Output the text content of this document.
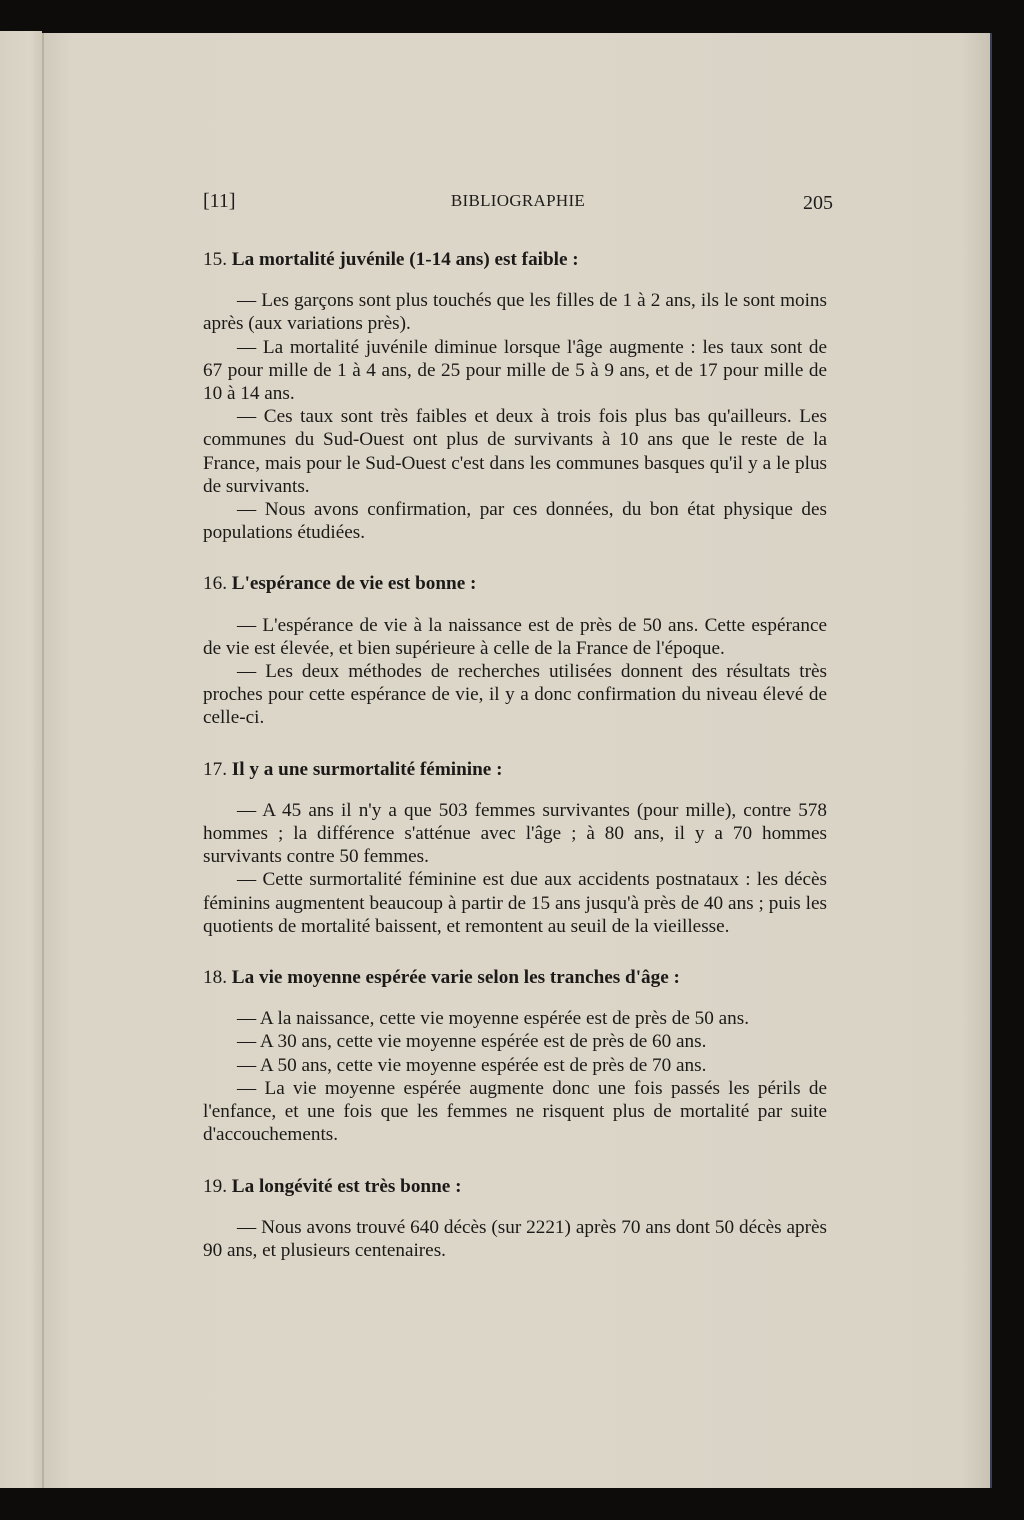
[11]	BIBLIOGRAPHIE	205

15. La mortalité juvénile (1-14 ans) est faible :

— Les garçons sont plus touchés que les filles de 1 à 2 ans, ils le sont moins après (aux variations près).

— La mortalité juvénile diminue lorsque l'âge augmente : les taux sont de 67 pour mille de 1 à 4 ans, de 25 pour mille de 5 à 9 ans, et de 17 pour mille de 10 à 14 ans.

— Ces taux sont très faibles et deux à trois fois plus bas qu'ailleurs. Les communes du Sud-Ouest ont plus de survivants à 10 ans que le reste de la France, mais pour le Sud-Ouest c'est dans les communes basques qu'il y a le plus de survivants.

— Nous avons confirmation, par ces données, du bon état physique des populations étudiées.

16. L'espérance de vie est bonne :

— L'espérance de vie à la naissance est de près de 50 ans. Cette espérance de vie est élevée, et bien supérieure à celle de la France de l'époque.

— Les deux méthodes de recherches utilisées donnent des résultats très proches pour cette espérance de vie, il y a donc confirmation du niveau élevé de celle-ci.

17. Il y a une surmortalité féminine :

— A 45 ans il n'y a que 503 femmes survivantes (pour mille), contre 578 hommes ; la différence s'atténue avec l'âge ; à 80 ans, il y a 70 hommes survivants contre 50 femmes.

— Cette surmortalité féminine est due aux accidents postnataux : les décès féminins augmentent beaucoup à partir de 15 ans jusqu'à près de 40 ans ; puis les quotients de mortalité baissent, et remontent au seuil de la vieillesse.

18. La vie moyenne espérée varie selon les tranches d'âge :

— A la naissance, cette vie moyenne espérée est de près de 50 ans.

— A 30 ans, cette vie moyenne espérée est de près de 60 ans.

— A 50 ans, cette vie moyenne espérée est de près de 70 ans.

— La vie moyenne espérée augmente donc une fois passés les périls de l'enfance, et une fois que les femmes ne risquent plus de mortalité par suite d'accouchements.

19. La longévité est très bonne :

— Nous avons trouvé 640 décès (sur 2221) après 70 ans dont 50 décès après 90 ans, et plusieurs centenaires.
